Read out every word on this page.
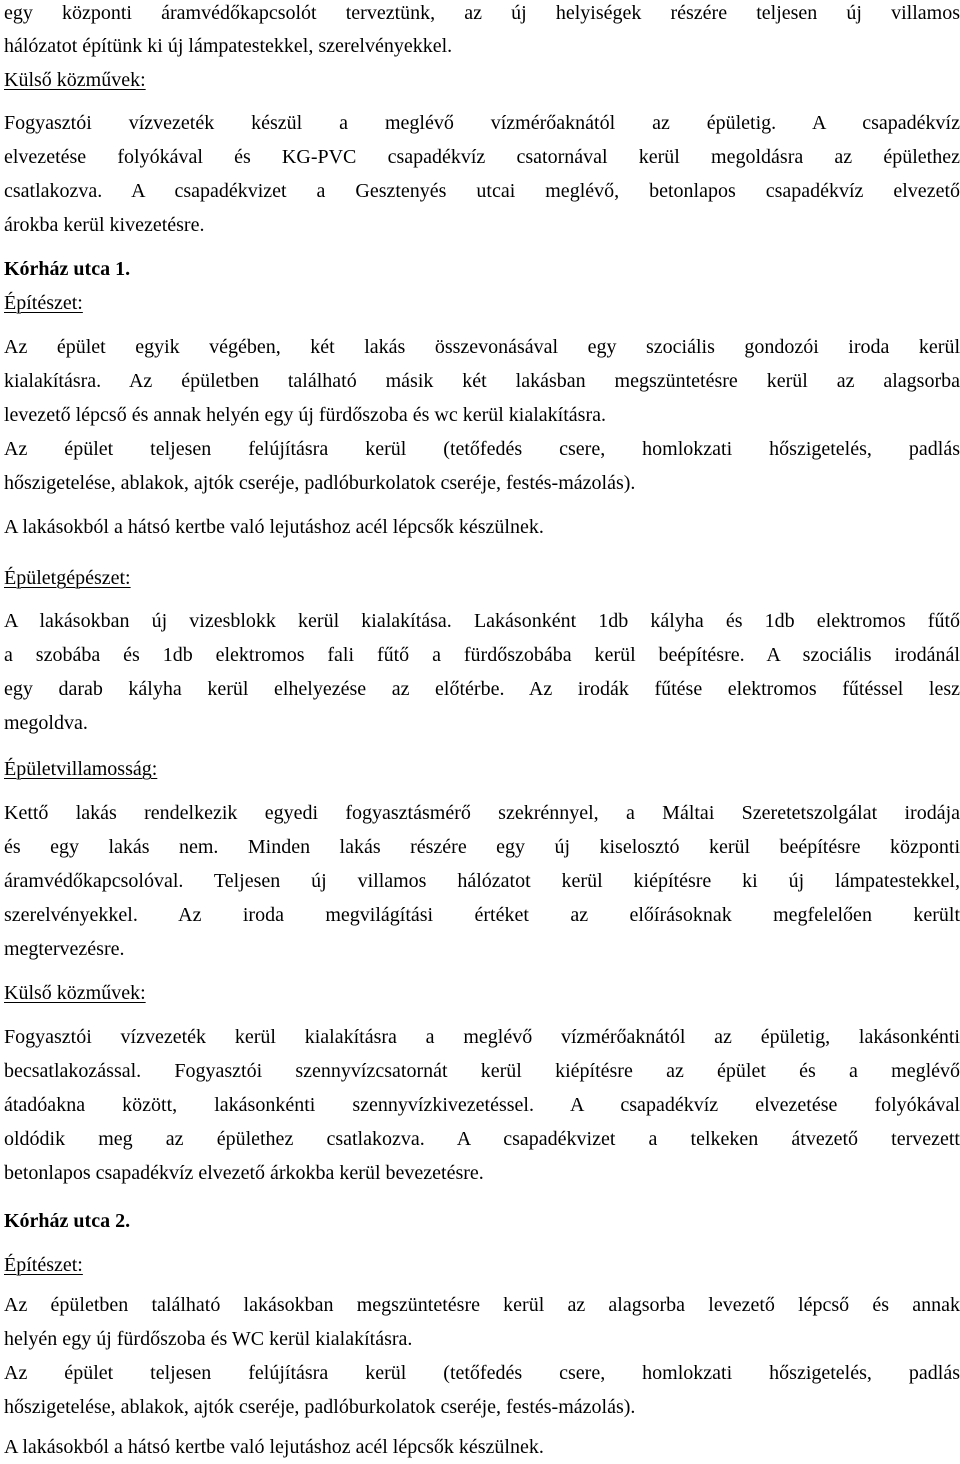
egy központi áramvédőkapcsolót terveztünk, az új helyiségek részére teljesen új villamos
hálózatot építünk ki új lámpatestekkel, szerelvényekkel.
Külső közművek:
Fogyasztói vízvezeték készül a meglévő vízmérőaknától az épületig. A csapadékvíz
elvezetése folyókával és KG-PVC csapadékvíz csatornával kerül megoldásra az épülethez
csatlakozva. A csapadékvizet a Gesztenyés utcai meglévő, betonlapos csapadékvíz elvezető
árokba kerül kivezetésre.
Kórház utca 1.
Építészet:
Az épület egyik végében, két lakás összevonásával egy szociális gondozói iroda kerül
kialakításra. Az épületben található másik két lakásban megszüntetésre kerül az alagsorba
levezető lépcső és annak helyén egy új fürdőszoba és wc kerül kialakításra.
Az épület teljesen felújításra kerül (tetőfedés csere, homlokzati hőszigetelés, padlás
hőszigetelése, ablakok, ajtók cseréje, padlóburkolatok cseréje, festés-mázolás).
A lakásokból a hátsó kertbe való lejutáshoz acél lépcsők készülnek.
Épületgépészet:
A lakásokban új vizesblokk kerül kialakítása. Lakásonként 1db kályha és 1db elektromos fűtő
a szobába és 1db elektromos fali fűtő a fürdőszobába kerül beépítésre. A szociális irodánál
egy darab kályha kerül elhelyezése az előtérbe. Az irodák fűtése elektromos fűtéssel lesz
megoldva.
Épületvillamosság:
Kettő lakás rendelkezik egyedi fogyasztásmérő szekrénnyel, a Máltai Szeretetszolgálat irodája
és egy lakás nem. Minden lakás részére egy új kiselosztó kerül beépítésre központi
áramvédőkapcsolóval. Teljesen új villamos hálózatot kerül kiépítésre ki új lámpatestekkel,
szerelvényekkel. Az iroda megvilágítási értéket az előírásoknak megfelelően került
megtervezésre.
Külső közművek:
Fogyasztói vízvezeték kerül kialakításra a meglévő vízmérőaknától az épületig, lakásonkénti
becsatlakozással. Fogyasztói szennyvízcsatornát kerül kiépítésre az épület és a meglévő
átadóakna között, lakásonkénti szennyvízkivezetéssel. A csapadékvíz elvezetése folyókával
oldódik meg az épülethez csatlakozva. A csapadékvizet a telkeken átvezető tervezett
betonlapos csapadékvíz elvezető árkokba kerül bevezetésre.
Kórház utca 2.
Építészet:
Az épületben található lakásokban megszüntetésre kerül az alagsorba levezető lépcső és annak
helyén egy új fürdőszoba és WC kerül kialakításra.
Az épület teljesen felújításra kerül (tetőfedés csere, homlokzati hőszigetelés, padlás
hőszigetelése, ablakok, ajtók cseréje, padlóburkolatok cseréje, festés-mázolás).
A lakásokból a hátsó kertbe való lejutáshoz acél lépcsők készülnek.
